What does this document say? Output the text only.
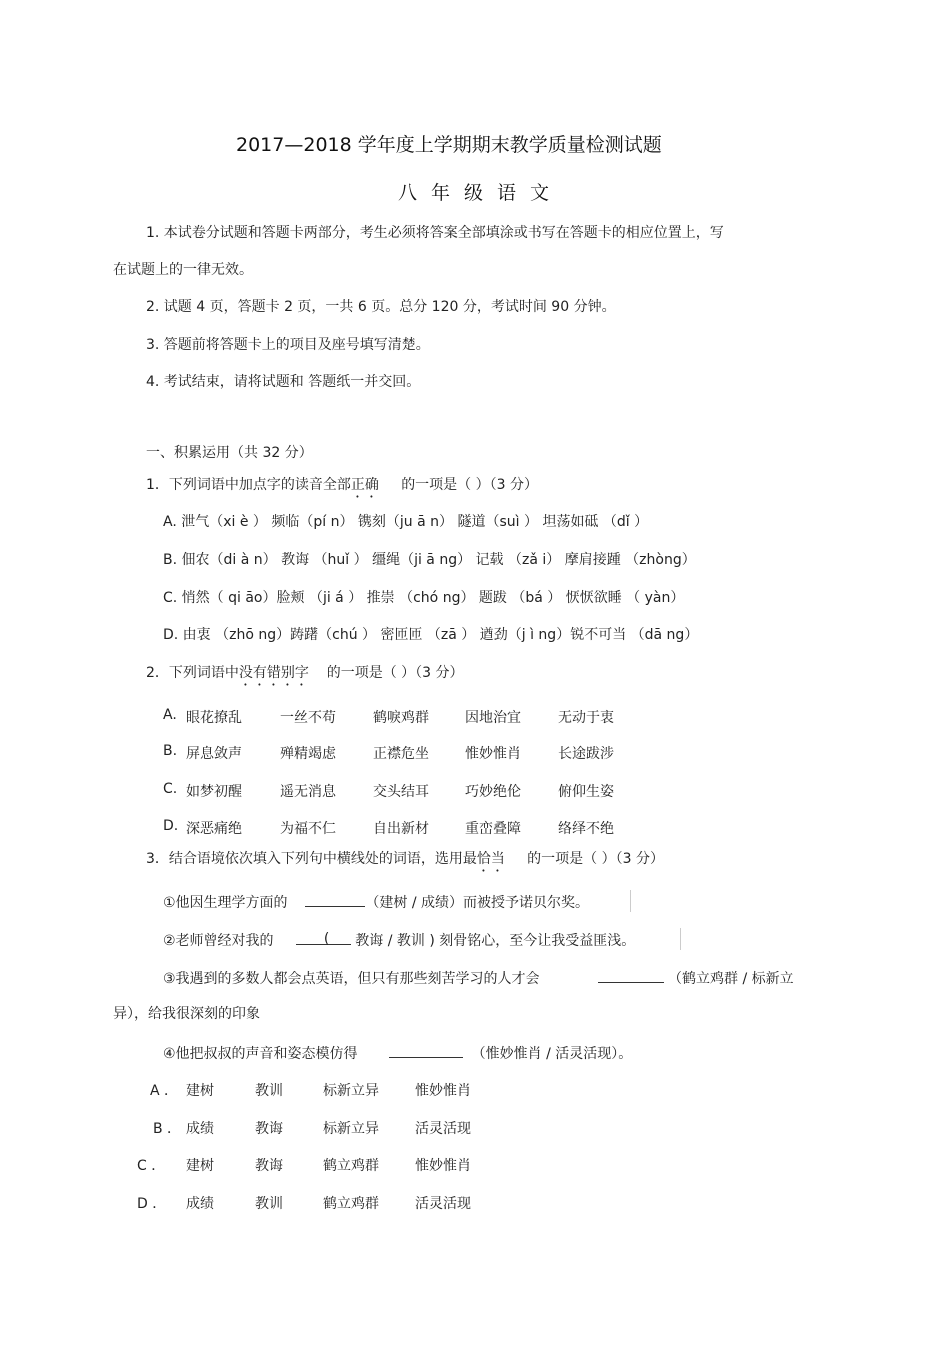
2017—2018 学年度上学期期末教学质量检测试题
八年级语文
1. 本试卷分试题和答题卡两部分，考生必须将答案全部填涂或书写在答题卡的相应位置上，写
在试题上的一律无效。
2. 试题 4 页，答题卡 2 页，一共 6 页。总分 120 分，考试时间 90 分钟。
3. 答题前将答题卡上的项目及座号填写清楚。
4. 考试结束，请将试题和 答题纸一并交回。
一、积累运用（共 32 分）
1．下列词语中加点字的读音全部正确 的一项是（ ）（3 分）
A. 泄气（xi è ） 频临（pí n） 镌刻（ju ā n） 隧道（suì ） 坦荡如砥 （dǐ ）
B. 佃农（di à n） 教诲 （huǐ ） 缰绳（ji ā ng） 记载 （zǎ i） 摩肩接踵 （zhòng）
C. 悄然（ qi āo）脸颊 （ji á ） 推崇 （chó ng） 题跋 （bá ） 恹恹欲睡 （ yàn）
D. 由衷 （zhō ng）踌躇（chú ） 密匝匝 （zā ） 遒劲（j ì ng）锐不可当 （dā ng）
2．下列词语中没有错别字 的一项是（ ）（3 分）
A. 眼花撩乱	一丝不苟	鹤唳鸡群	因地治宜	无动于衷
B. 屏息敛声	殚精竭虑	正襟危坐	惟妙惟肖	长途跋涉
C. 如梦初醒	遥无消息	交头结耳	巧妙绝伦	俯仰生姿
D. 深恶痛绝	为福不仁	自出新材	重峦叠障	络绎不绝
3．结合语境依次填入下列句中横线处的词语，选用最恰当 的一项是（ ）（3 分）
①他因生理学方面的	（建树 / 成绩）而被授予诺贝尔奖。
②老师曾经对我的	( 教诲 / 教训 ) 刻骨铭心，至今让我受益匪浅。
③我遇到的多数人都会点英语，但只有那些刻苦学习的人才会	（鹤立鸡群 / 标新立
异），给我很深刻的印象
④他把叔叔的声音和姿态模仿得	（惟妙惟肖 / 活灵活现）。
A ． 建树	教训	标新立异	惟妙惟肖
B ． 成绩	教诲	标新立异	活灵活现
C ． 建树	教诲	鹤立鸡群	惟妙惟肖
D ． 成绩	教训	鹤立鸡群	活灵活现
